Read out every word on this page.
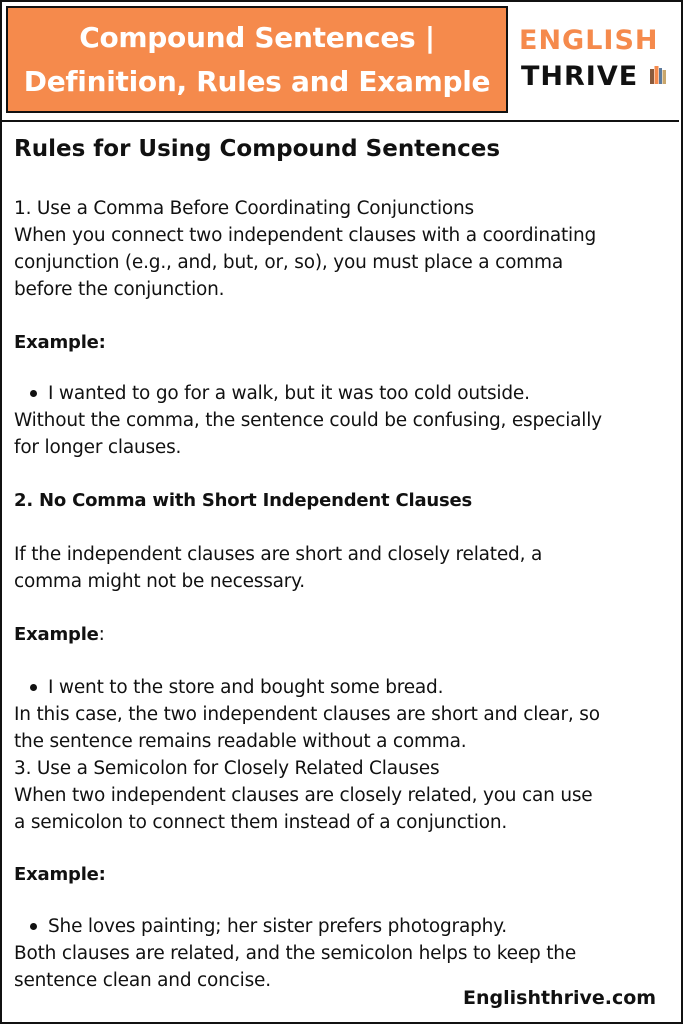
Compound Sentences |
Definition, Rules and Example
ENGLISH
THRIVE
Rules for Using Compound Sentences
1. Use a Comma Before Coordinating Conjunctions
When you connect two independent clauses with a coordinating
conjunction (e.g., and, but, or, so), you must place a comma
before the conjunction.
Example:
I wanted to go for a walk, but it was too cold outside.
Without the comma, the sentence could be confusing, especially
for longer clauses.
2. No Comma with Short Independent Clauses
If the independent clauses are short and closely related, a
comma might not be necessary.
Example:
I went to the store and bought some bread.
In this case, the two independent clauses are short and clear, so
the sentence remains readable without a comma.
3. Use a Semicolon for Closely Related Clauses
When two independent clauses are closely related, you can use
a semicolon to connect them instead of a conjunction.
Example:
She loves painting; her sister prefers photography.
Both clauses are related, and the semicolon helps to keep the
sentence clean and concise.
Englishthrive.com
